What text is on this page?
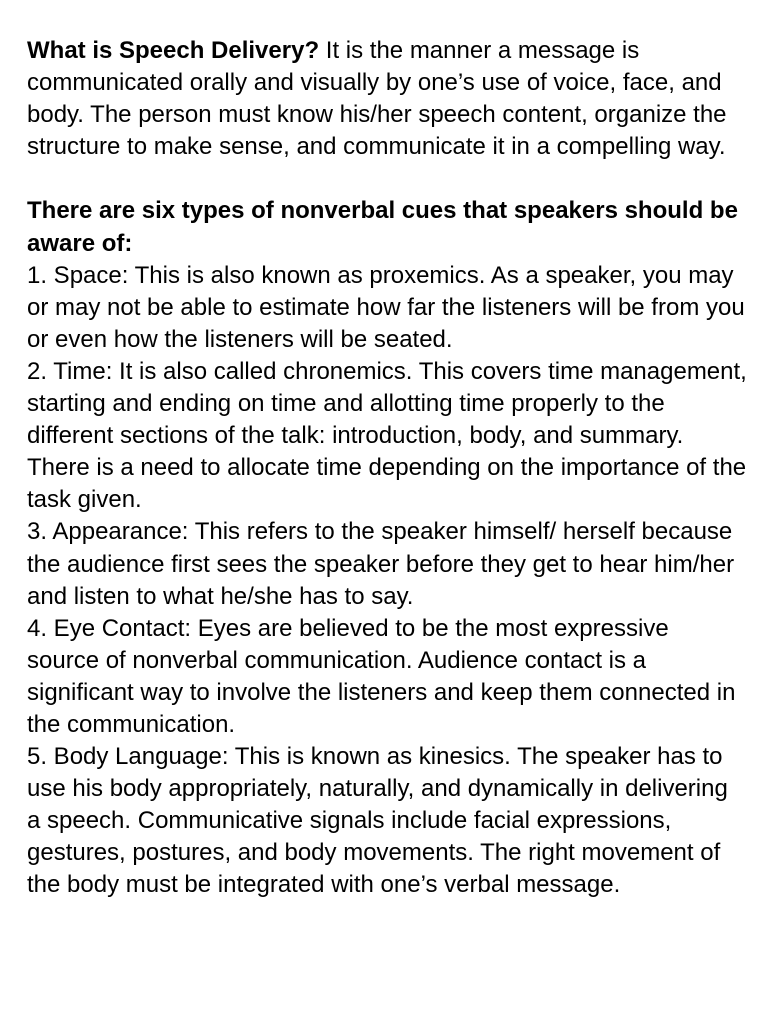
What is Speech Delivery? It is the manner a message is communicated orally and visually by one’s use of voice, face, and body. The person must know his/her speech content, organize the structure to make sense, and communicate it in a compelling way.

There are six types of nonverbal cues that speakers should be aware of:

1. Space: This is also known as proxemics. As a speaker, you may or may not be able to estimate how far the listeners will be from you or even how the listeners will be seated.
2. Time: It is also called chronemics. This covers time management, starting and ending on time and allotting time properly to the different sections of the talk: introduction, body, and summary. There is a need to allocate time depending on the importance of the task given.
3. Appearance: This refers to the speaker himself/ herself because the audience first sees the speaker before they get to hear him/her and listen to what he/she has to say.
4. Eye Contact: Eyes are believed to be the most expressive source of nonverbal communication. Audience contact is a significant way to involve the listeners and keep them connected in the communication.
5. Body Language: This is known as kinesics. The speaker has to use his body appropriately, naturally, and dynamically in delivering a speech. Communicative signals include facial expressions, gestures, postures, and body movements. The right movement of the body must be integrated with one’s verbal message.
